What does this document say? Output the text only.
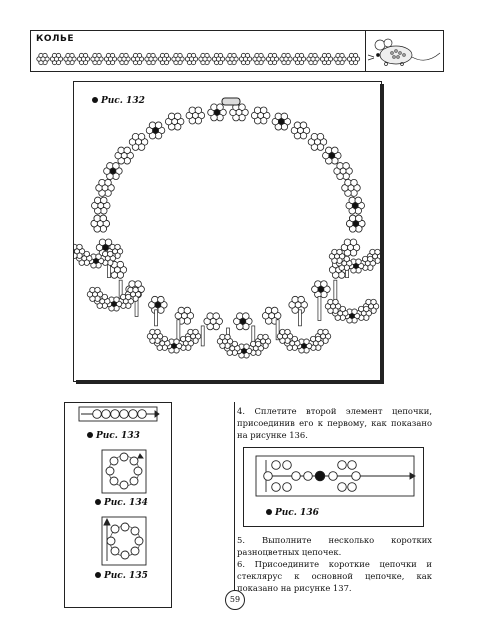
КОЛЬЕ
Рис. 132
Рис. 133
Рис. 134
Рис. 135
4. Сплетите второй элемент цепочки, присоединив его к первому, как показано на рисунке 136.
Рис. 136
5. Выполните несколько коротких разноцветных цепочек.
6. Присоедините короткие цепочки и стеклярус к основной цепочке, как показано на рисунке 137.
59
